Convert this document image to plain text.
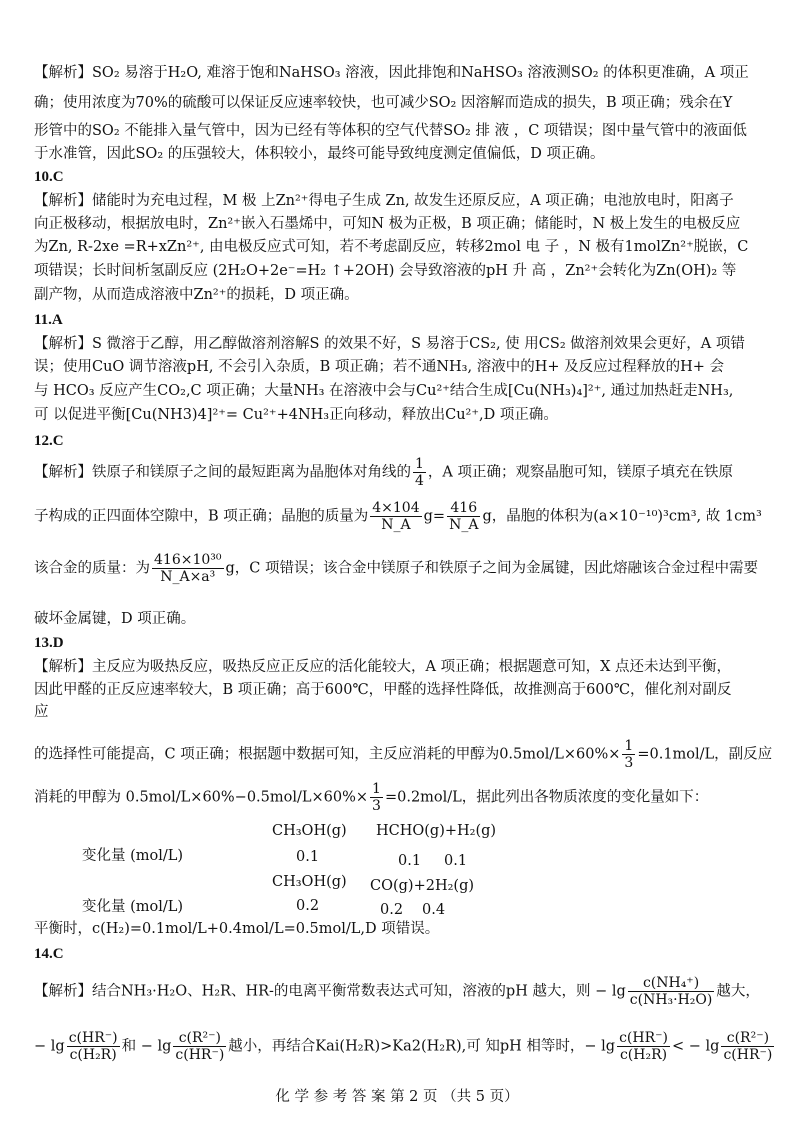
【解析】SO₂ 易溶于H₂O, 难溶于饱和NaHSO₃ 溶液，因此排饱和NaHSO₃ 溶液测SO₂ 的体积更准确，A 项正
确；使用浓度为70%的硫酸可以保证反应速率较快，也可减少SO₂ 因溶解而造成的损失，B 项正确；残余在Y
形管中的SO₂ 不能排入量气管中，因为已经有等体积的空气代替SO₂ 排 液 ，C 项错误；图中量气管中的液面低
于水准管，因此SO₂ 的压强较大，体积较小，最终可能导致纯度测定值偏低，D 项正确。
10.C
【解析】储能时为充电过程，M 极 上Zn²⁺得电子生成 Zn, 故发生还原反应，A 项正确；电池放电时，阳离子
向正极移动，根据放电时，Zn²⁺嵌入石墨烯中，可知N 极为正极，B 项正确；储能时，N 极上发生的电极反应
为Zn, R-2xe =R+xZn²⁺, 由电极反应式可知，若不考虑副反应，转移2mol 电 子 ，N 极有1molZn²⁺脱嵌，C
项错误；长时间析氢副反应 (2H₂O+2e⁻=H₂ ↑+2OH) 会导致溶液的pH 升 高 ，Zn²⁺会转化为Zn(OH)₂ 等
副产物，从而造成溶液中Zn²⁺的损耗，D 项正确。
11.A
【解析】S 微溶于乙醇，用乙醇做溶剂溶解S 的效果不好，S 易溶于CS₂, 使 用CS₂ 做溶剂效果会更好，A 项错
误；使用CuO 调节溶液pH, 不会引入杂质，B 项正确；若不通NH₃, 溶液中的H+ 及反应过程释放的H+ 会
与 HCO₃ 反应产生CO₂,C 项正确；大量NH₃ 在溶液中会与Cu²⁺结合生成[Cu(NH₃)₄]²⁺, 通过加热赶走NH₃,
可 以促进平衡[Cu(NH3)4]²⁺= Cu²⁺+4NH₃正向移动，释放出Cu²⁺,D 项正确。
12.C
【解析】铁原子和镁原子之间的最短距离为晶胞体对角线的 $\frac{1}{4}$ ，A 项正确；观察晶胞可知，镁原子填充在铁原
子构成的正四面体空隙中，B 项正确；晶胞的质量为 $\frac{4\times 104}{N\_A} g= \frac{416}{N\_A}$ g，晶胞的体积为(a×10⁻¹⁰)³cm³, 故 1cm³
该合金的质量：为 $\frac{\text{416×10³⁰}}{\text{N\_A×a³}}$ g，C 项错误；该合金中镁原子和铁原子之间为金属键，因此熔融该合金过程中需要
破坏金属键，D 项正确。
13.D
【解析】主反应为吸热反应，吸热反应正反应的活化能较大，A 项正确；根据题意可知，X 点还未达到平衡，
因此甲醛的正反应速率较大，B 项正确；高于600℃，甲醛的选择性降低，故推测高于600℃，催化剂对副反
应
的选择性可能提高，C 项正确；根据题中数据可知，主反应消耗的甲醇为$0.5mol/L\times 60\%\times \frac{1}{3} =0.1mol/L$，副反应
消耗的甲醇为 $0.5mol/L\times 60\%-0.5mol/L\times 60\%\times \frac{1}{3} =0.2mol/L$，据此列出各物质浓度的变化量如下：
CH₃OH(g) HCHO(g)+H₂(g)
变化量 (mol/L)	0.1	0.1 0.1
CH₃OH(g) CO(g)+2H₂(g)
变化量 (mol/L)	0.2	0.2 0.4
平衡时，c(H₂)=0.1mol/L+0.4mol/L=0.5mol/L,D 项错误。
14.C
【解析】结合NH₃·H₂O、H₂R、HR-的电离平衡常数表达式可知，溶液的pH 越大，则 − $\lg \frac{\text{c(NH₄⁺)}}{\text{c(NH₃·H₂O)}}$ 越大，
− $\lg \frac{c(HR^-)}{\text{c(H₂R)}}$ 和 − $\lg \frac{\text{c(R²⁻)}}{c(HR^-)}$ 越小，再结合Kai(H₂R)>Ka2(H₂R),可 知pH 相等时，− $\lg \frac{c(HR^-)}{\text{c(H₂R)}}$ < − $\lg \frac{\text{c(R²⁻)}}{c(HR^-)}$
化 学 参 考 答 案 第 2 页 （共 5 页）
